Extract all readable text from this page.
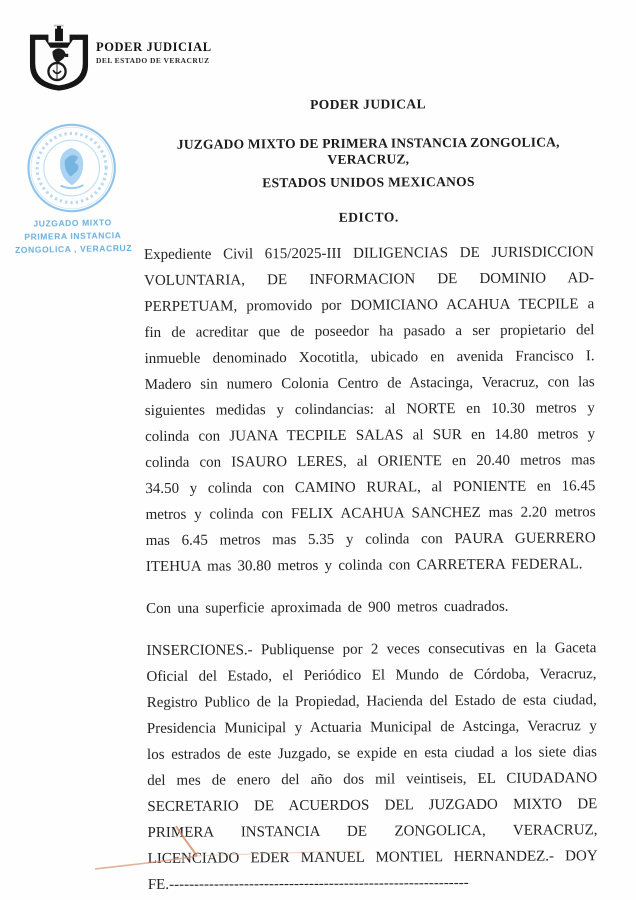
PODER JUDICIAL
DEL ESTADO DE VERACRUZ
JUZGADO MIXTO
PRIMERA INSTANCIA
ZONGOLICA , VERACRUZ
PODER JUDICAL
JUZGADO MIXTO DE PRIMERA INSTANCIA ZONGOLICA, VERACRUZ,
ESTADOS UNIDOS MEXICANOS
EDICTO.

Expediente Civil 615/2025-III DILIGENCIAS DE JURISDICCION VOLUNTARIA, DE INFORMACION DE DOMINIO AD-PERPETUAM, promovido por DOMICIANO ACAHUA TECPILE a fin de acreditar que de poseedor ha pasado a ser propietario del inmueble denominado Xocotitla, ubicado en avenida Francisco I. Madero sin numero Colonia Centro de Astacinga, Veracruz, con las siguientes medidas y colindancias: al NORTE en 10.30 metros y colinda con JUANA TECPILE SALAS al SUR en 14.80 metros y colinda con ISAURO LERES, al ORIENTE en 20.40 metros mas 34.50 y colinda con CAMINO RURAL, al PONIENTE en 16.45 metros y colinda con FELIX ACAHUA SANCHEZ mas 2.20 metros mas 6.45 metros mas 5.35 y colinda con PAURA GUERRERO ITEHUA mas 30.80 metros y colinda con CARRETERA FEDERAL.

Con una superficie aproximada de 900 metros cuadrados.

INSERCIONES.- Publiquense por 2 veces consecutivas en la Gaceta Oficial del Estado, el Periódico El Mundo de Córdoba, Veracruz, Registro Publico de la Propiedad, Hacienda del Estado de esta ciudad, Presidencia Municipal y Actuaria Municipal de Astcinga, Veracruz y los estrados de este Juzgado, se expide en esta ciudad a los siete dias del mes de enero del año dos mil veintiseis, EL CIUDADANO SECRETARIO DE ACUERDOS DEL JUZGADO MIXTO DE PRIMERA INSTANCIA DE ZONGOLICA, VERACRUZ, LICENCIADO EDER MANUEL MONTIEL HERNANDEZ.- DOY FE.------------------------------------------------------------
